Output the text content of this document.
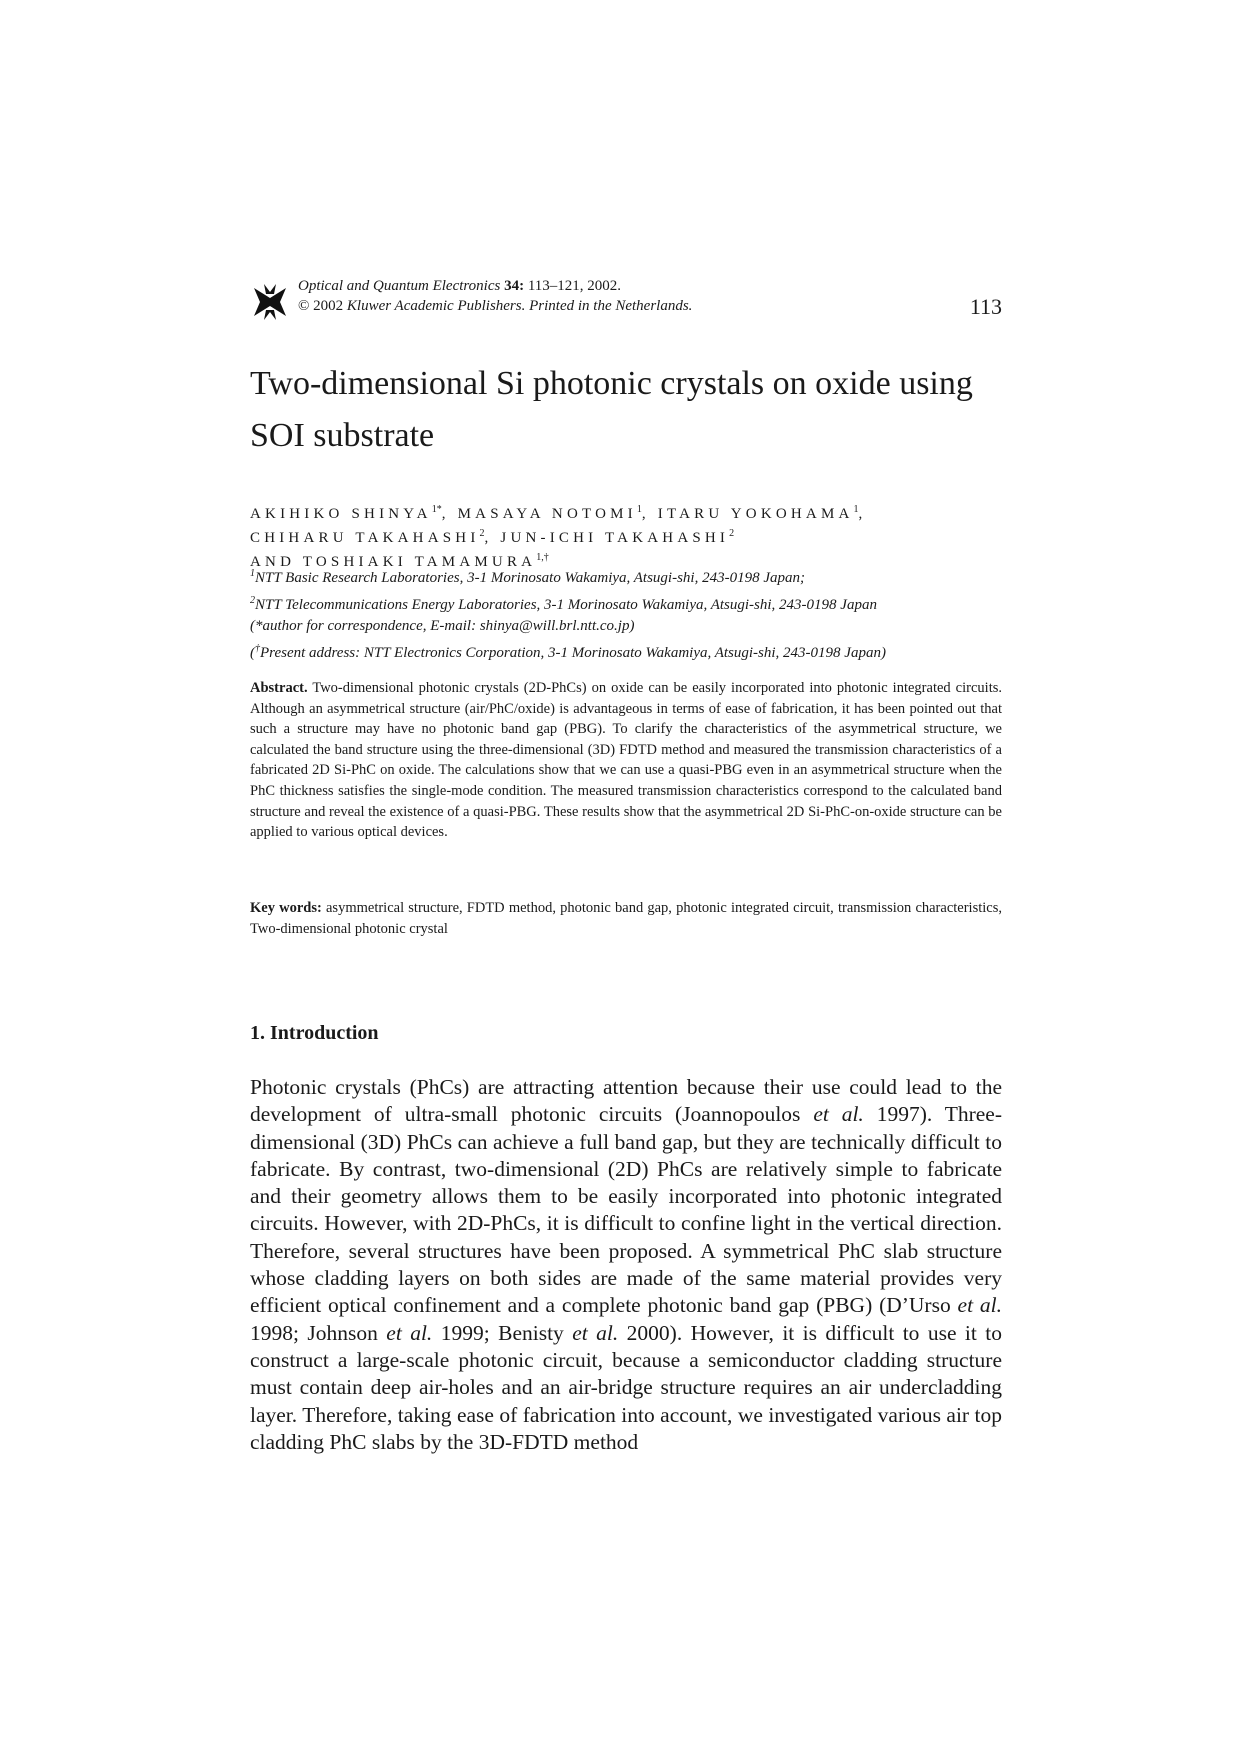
Optical and Quantum Electronics 34: 113–121, 2002.
© 2002 Kluwer Academic Publishers. Printed in the Netherlands.	113
Two-dimensional Si photonic crystals on oxide using SOI substrate
AKIHIKO $SHINYA^{1*}$, MASAYA NOTOMI$^1$, ITARU YOKOHAMA$^1$,
CHIHARU TAKAHASHI$^2$, JUN-ICHI TAKAHASHI$^2$
AND TOSHIAKI $TAMAMURA^{1,\dagger}$
$^1$NTT Basic Research Laboratories, 3-1 Morinosato Wakamiya, Atsugi-shi, 243-0198 Japan;
$^2$NTT Telecommunications Energy Laboratories, 3-1 Morinosato Wakamiya, Atsugi-shi, 243-0198 Japan
(*author for correspondence, E-mail: shinya@will.brl.ntt.co.jp)
(†Present address: NTT Electronics Corporation, 3-1 Morinosato Wakamiya, Atsugi-shi, 243-0198 Japan)

Abstract. Two-dimensional photonic crystals (2D-PhCs) on oxide can be easily incorporated into photonic integrated circuits. Although an asymmetrical structure (air/PhC/oxide) is advantageous in terms of ease of fabrication, it has been pointed out that such a structure may have no photonic band gap (PBG). To clarify the characteristics of the asymmetrical structure, we calculated the band structure using the three-dimensional (3D) FDTD method and measured the transmission characteristics of a fabricated 2D Si-PhC on oxide. The calculations show that we can use a quasi-PBG even in an asymmetrical structure when the PhC thickness satisfies the single-mode condition. The measured transmission characteristics correspond to the calculated band structure and reveal the existence of a quasi-PBG. These results show that the asymmetrical 2D Si-PhC-on-oxide structure can be applied to various optical devices.

Key words: asymmetrical structure, FDTD method, photonic band gap, photonic integrated circuit, transmission characteristics, Two-dimensional photonic crystal

1. Introduction

Photonic crystals (PhCs) are attracting attention because their use could lead to the development of ultra-small photonic circuits (Joannopoulos et al. 1997). Three-dimensional (3D) PhCs can achieve a full band gap, but they are technically difficult to fabricate. By contrast, two-dimensional (2D) PhCs are relatively simple to fabricate and their geometry allows them to be easily incorporated into photonic integrated circuits. However, with 2D-PhCs, it is difficult to confine light in the vertical direction. Therefore, several structures have been proposed. A symmetrical PhC slab structure whose cladding layers on both sides are made of the same material provides very efficient optical confinement and a complete photonic band gap (PBG) (D’Urso et al. 1998; Johnson et al. 1999; Benisty et al. 2000). However, it is difficult to use it to construct a large-scale photonic circuit, because a semiconductor cladding structure must contain deep air-holes and an air-bridge structure requires an air undercladding layer. Therefore, taking ease of fabrication into account, we investigated various air top cladding PhC slabs by the 3D-FDTD method
